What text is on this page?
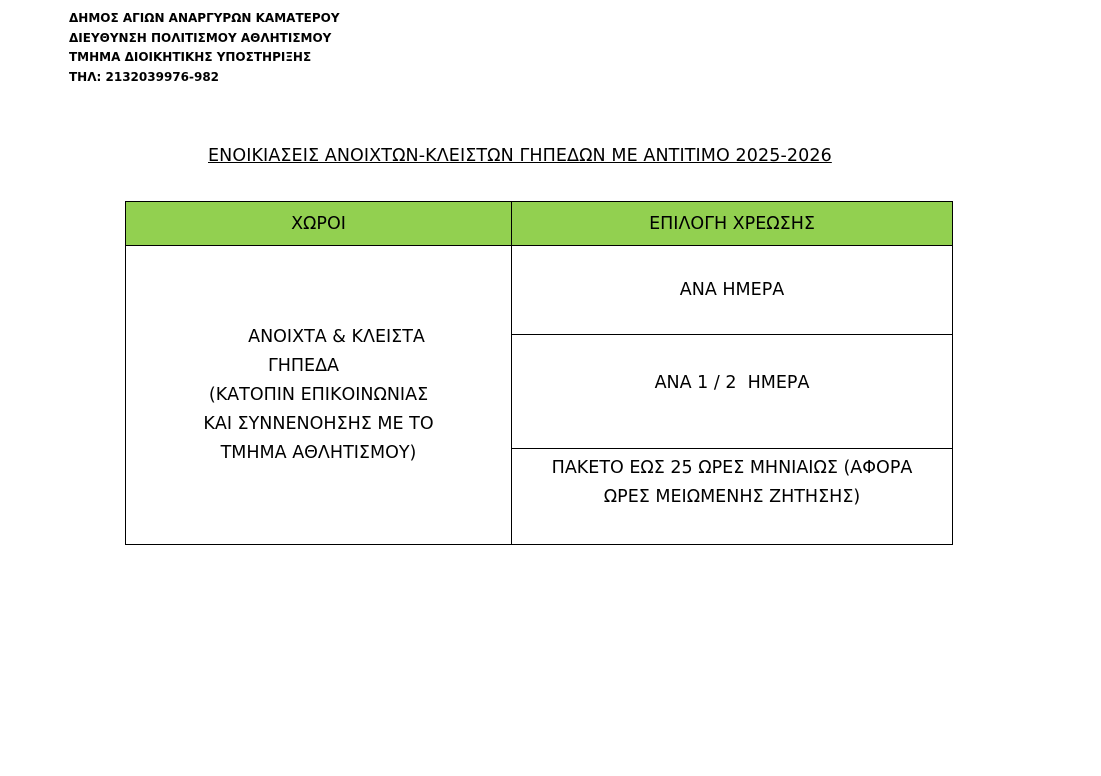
ΔΗΜΟΣ ΑΓΙΩΝ ΑΝΑΡΓΥΡΩΝ ΚΑΜΑΤΕΡΟΥ
ΔΙΕΥΘΥΝΣΗ ΠΟΛΙΤΙΣΜΟΥ ΑΘΛΗΤΙΣΜΟΥ
ΤΜΗΜΑ ΔΙΟΙΚΗΤΙΚΗΣ ΥΠΟΣΤΗΡΙΞΗΣ
ΤΗΛ: 2132039976-982
ΕΝΟΙΚΙΑΣΕΙΣ ΑΝΟΙΧΤΩΝ-ΚΛΕΙΣΤΩΝ ΓΗΠΕΔΩΝ ΜΕ ΑΝΤΙΤΙΜΟ 2025-2026
ΧΩΡΟΙ	ΕΠΙΛΟΓΗ ΧΡΕΩΣΗΣ

ΑΝΟΙΧΤΑ & ΚΛΕΙΣΤΑ
ΓΗΠΕΔΑ
(ΚΑΤΟΠΙΝ ΕΠΙΚΟΙΝΩΝΙΑΣ
ΚΑΙ ΣΥΝΝΕΝΟΗΣΗΣ ΜΕ ΤΟ
ΤΜΗΜΑ ΑΘΛΗΤΙΣΜΟΥ)	ΑΝΑ ΗΜΕΡΑ

	ΑΝΑ 1 / 2  ΗΜΕΡΑ

	ΠΑΚΕΤΟ ΕΩΣ 25 ΩΡΕΣ ΜΗΝΙΑΙΩΣ (ΑΦΟΡΑ
ΩΡΕΣ ΜΕΙΩΜΕΝΗΣ ΖΗΤΗΣΗΣ)
